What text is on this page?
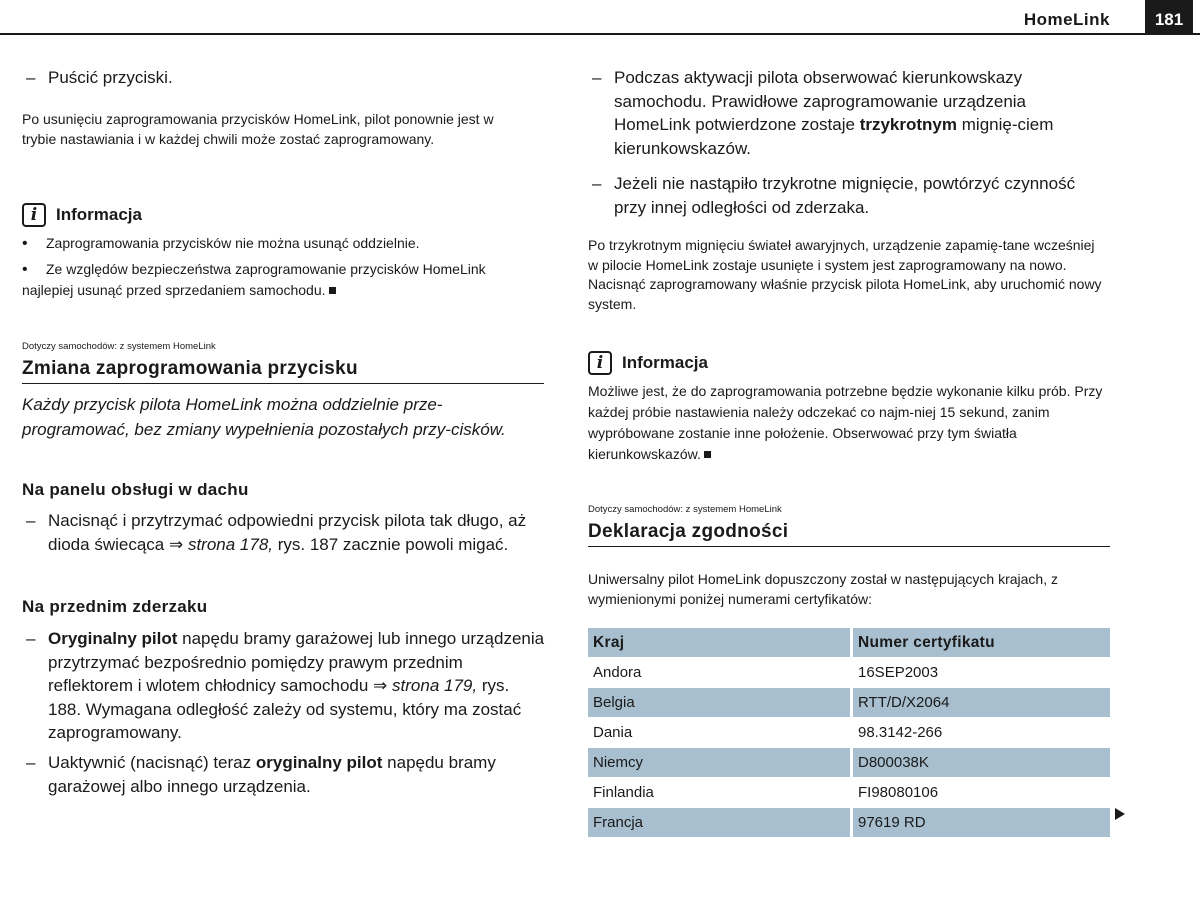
HomeLink	181
– Puścić przyciski.
Po usunięciu zaprogramowania przycisków HomeLink, pilot ponownie jest w trybie nastawiania i w każdej chwili może zostać zaprogramowany.
i	Informacja
• Zaprogramowania przycisków nie można usunąć oddzielnie.
• Ze względów bezpieczeństwa zaprogramowanie przycisków HomeLink najlepiej usunąć przed sprzedaniem samochodu.
Dotyczy samochodów: z systemem HomeLink
Zmiana zaprogramowania przycisku
Każdy przycisk pilota HomeLink można oddzielnie prze-programować, bez zmiany wypełnienia pozostałych przy-cisków.
Na panelu obsługi w dachu
– Nacisnąć i przytrzymać odpowiedni przycisk pilota tak długo, aż dioda świecąca ⇒ strona 178, rys. 187 zacznie powoli migać.
Na przednim zderzaku
– Oryginalny pilot napędu bramy garażowej lub innego urządzenia przytrzymać bezpośrednio pomiędzy prawym przednim reflektorem i wlotem chłodnicy samochodu ⇒ strona 179, rys. 188. Wymagana odległość zależy od systemu, który ma zostać zaprogramowany.
– Uaktywnić (nacisnąć) teraz oryginalny pilot napędu bramy garażowej albo innego urządzenia.
– Podczas aktywacji pilota obserwować kierunkowskazy samochodu. Prawidłowe zaprogramowanie urządzenia HomeLink potwierdzone zostaje trzykrotnym mignię-ciem kierunkowskazów.
– Jeżeli nie nastąpiło trzykrotne mignięcie, powtórzyć czynność przy innej odległości od zderzaka.
Po trzykrotnym mignięciu świateł awaryjnych, urządzenie zapamię-tane wcześniej w pilocie HomeLink zostaje usunięte i system jest zaprogramowany na nowo. Nacisnąć zaprogramowany właśnie przycisk pilota HomeLink, aby uruchomić nowy system.
i	Informacja
Możliwe jest, że do zaprogramowania potrzebne będzie wykonanie kilku prób. Przy każdej próbie nastawienia należy odczekać co najm-niej 15 sekund, zanim wypróbowane zostanie inne położenie. Obserwować przy tym światła kierunkowskazów.
Dotyczy samochodów: z systemem HomeLink
Deklaracja zgodności
Uniwersalny pilot HomeLink dopuszczony został w następujących krajach, z wymienionymi poniżej numerami certyfikatów:
Kraj	Numer certyfikatu
Andora	16SEP2003
Belgia	RTT/D/X2064
Dania	98.3142-266
Niemcy	D800038K
Finlandia	FI98080106
Francja	97619 RD
